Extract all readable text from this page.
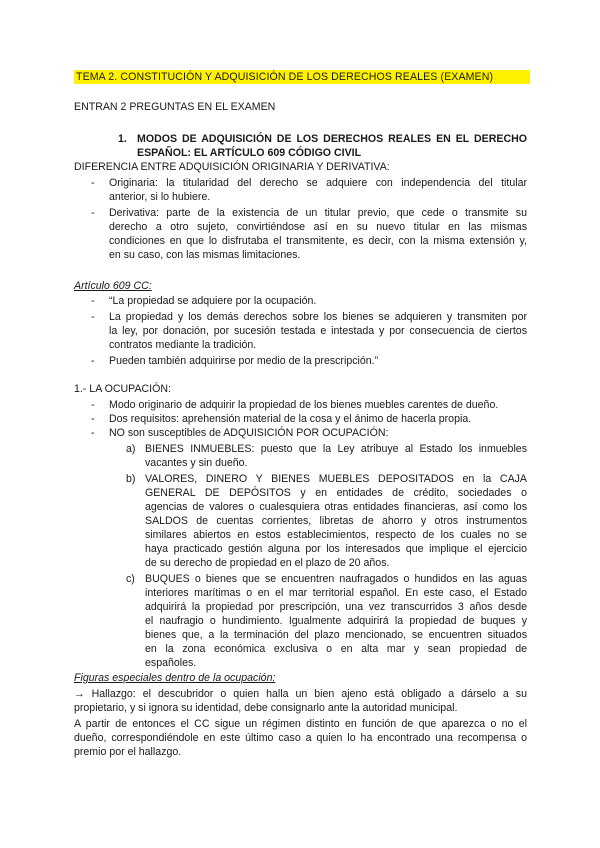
TEMA 2. CONSTITUCIÓN Y ADQUISICIÓN DE LOS DERECHOS REALES (EXAMEN)
ENTRAN 2 PREGUNTAS EN EL EXAMEN
1. MODOS DE ADQUISICIÓN DE LOS DERECHOS REALES EN EL DERECHO
ESPAÑOL: EL ARTÍCULO 609 CÓDIGO CIVIL
DIFERENCIA ENTRE ADQUISICIÓN ORIGINARIA Y DERIVATIVA:
- Originaria: la titularidad del derecho se adquiere con independencia del titular
anterior, si lo hubiere.
- Derivativa: parte de la existencia de un titular previo, que cede o transmite su
derecho a otro sujeto, convirtiéndose así en su nuevo titular en las mismas
condiciones en que lo disfrutaba el transmitente, es decir, con la misma extensión y,
en su caso, con las mismas limitaciones.
Artículo 609 CC:
- “La propiedad se adquiere por la ocupación.
- La propiedad y los demás derechos sobre los bienes se adquieren y transmiten por
la ley, por donación, por sucesión testada e intestada y por consecuencia de ciertos
contratos mediante la tradición.
- Pueden también adquirirse por medio de la prescripción.”
1.- LA OCUPACIÓN:
- Modo originario de adquirir la propiedad de los bienes muebles carentes de dueño.
- Dos requisitos: aprehensión material de la cosa y el ánimo de hacerla propia.
- NO son susceptibles de ADQUISICIÓN POR OCUPACIÓN:
a) BIENES INMUEBLES: puesto que la Ley atribuye al Estado los inmuebles
vacantes y sin dueño.
b) VALORES, DINERO Y BIENES MUEBLES DEPOSITADOS en la CAJA
GENERAL DE DEPÓSITOS y en entidades de crédito, sociedades o
agencias de valores o cualesquiera otras entidades financieras, así como los
SALDOS de cuentas corrientes, libretas de ahorro y otros instrumentos
similares abiertos en estos establecimientos, respecto de los cuales no se
haya practicado gestión alguna por los interesados que implique el ejercicio
de su derecho de propiedad en el plazo de 20 años.
c) BUQUES o bienes que se encuentren naufragados o hundidos en las aguas
interiores marítimas o en el mar territorial español. En este caso, el Estado
adquirirá la propiedad por prescripción, una vez transcurridos 3 años desde
el naufragio o hundimiento. Igualmente adquirirá la propiedad de buques y
bienes que, a la terminación del plazo mencionado, se encuentren situados
en la zona económica exclusiva o en alta mar y sean propiedad de
españoles.
Figuras especiales dentro de la ocupación:
→ Hallazgo: el descubridor o quien halla un bien ajeno está obligado a dárselo a su
propietario, y si ignora su identidad, debe consignarlo ante la autoridad municipal.
A partir de entonces el CC sigue un régimen distinto en función de que aparezca o no el
dueño, correspondiéndole en este último caso a quien lo ha encontrado una recompensa o
premio por el hallazgo.
